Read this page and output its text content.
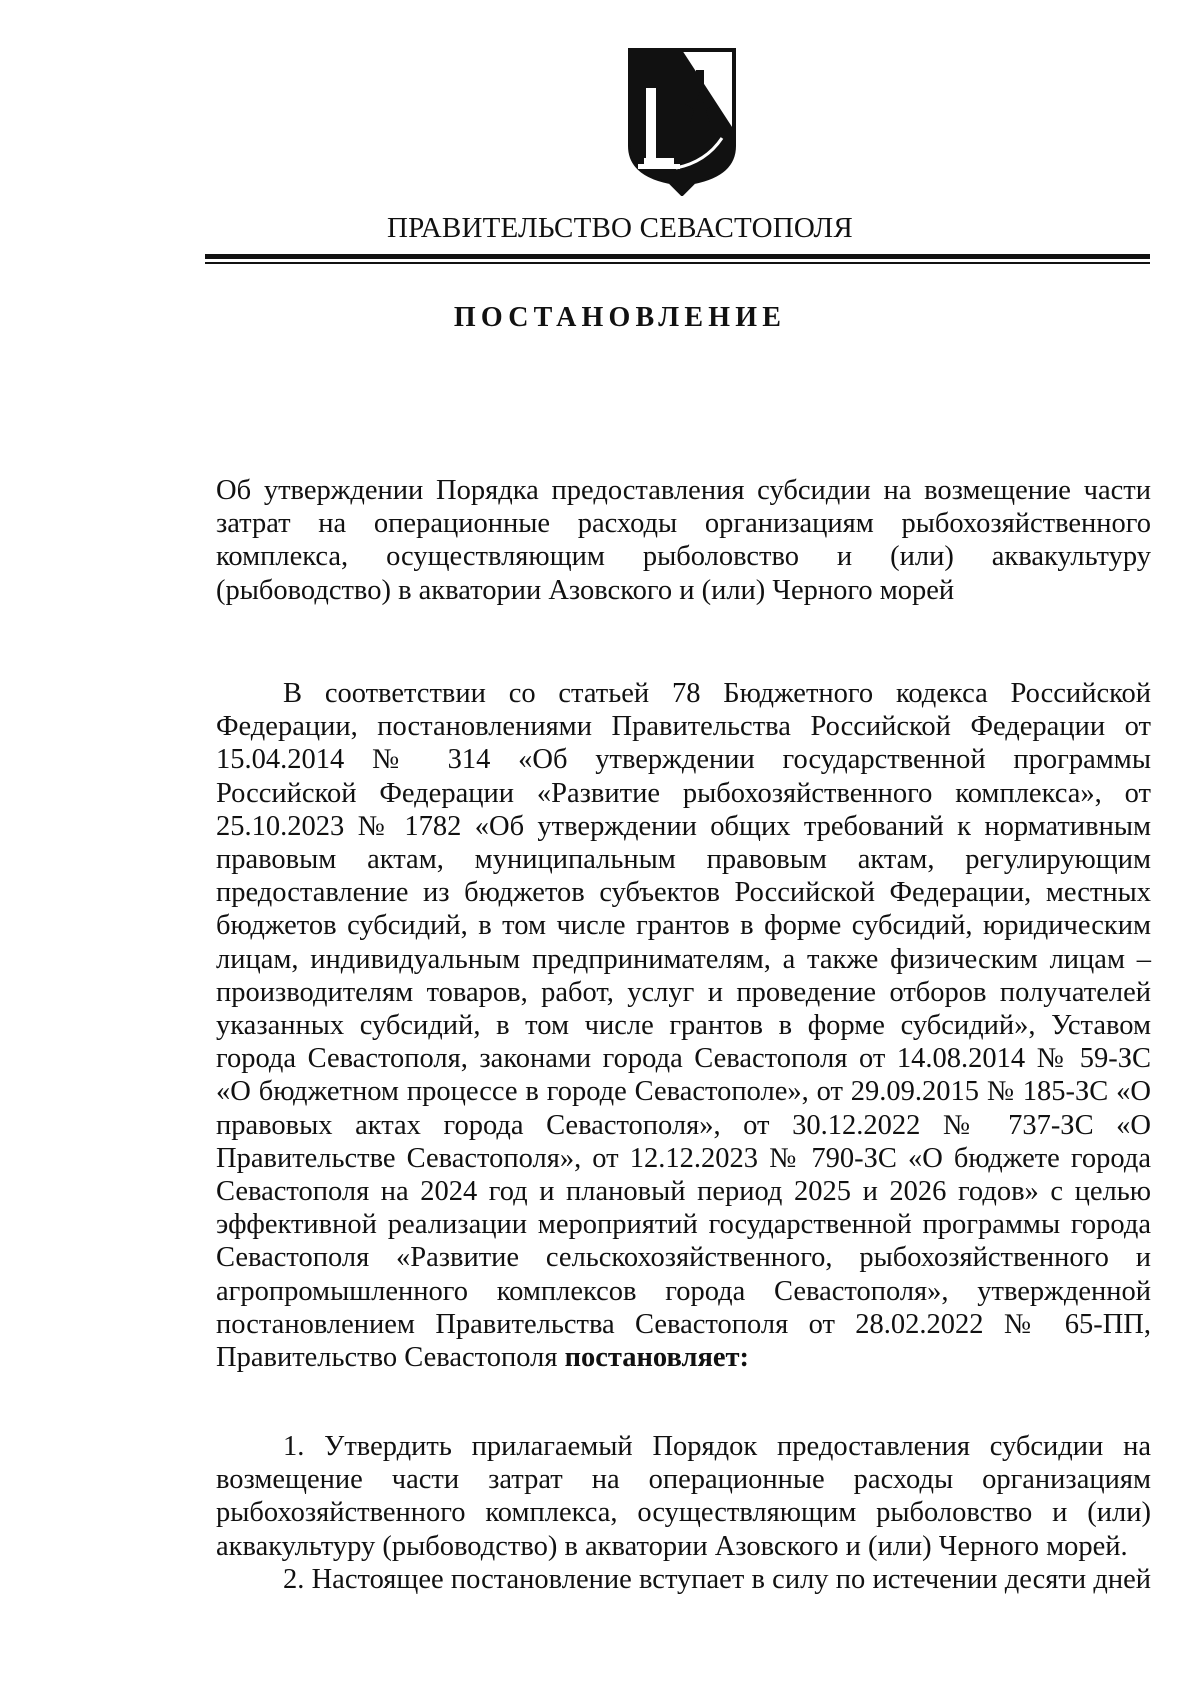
ПРАВИТЕЛЬСТВО СЕВАСТОПОЛЯ
ПОСТАНОВЛЕНИЕ
Об утверждении Порядка предоставления субсидии на возмещение части затрат на операционные расходы организациям рыбохозяйственного комплекса, осуществляющим рыболовство и (или) аквакультуру (рыбоводство) в акватории Азовского и (или) Черного морей
В соответствии со статьей 78 Бюджетного кодекса Российской Федерации, постановлениями Правительства Российской Федерации от 15.04.2014 № 314 «Об утверждении государственной программы Российской Федерации «Развитие рыбохозяйственного комплекса», от 25.10.2023 № 1782 «Об утверждении общих требований к нормативным правовым актам, муниципальным правовым актам, регулирующим предоставление из бюджетов субъектов Российской Федерации, местных бюджетов субсидий, в том числе грантов в форме субсидий, юридическим лицам, индивидуальным предпринимателям, а также физическим лицам – производителям товаров, работ, услуг и проведение отборов получателей указанных субсидий, в том числе грантов в форме субсидий», Уставом города Севастополя, законами города Севастополя от 14.08.2014 № 59-ЗС «О бюджетном процессе в городе Севастополе», от 29.09.2015 № 185-ЗС «О правовых актах города Севастополя», от 30.12.2022 № 737-ЗС «О Правительстве Севастополя», от 12.12.2023 № 790-ЗС «О бюджете города Севастополя на 2024 год и плановый период 2025 и 2026 годов» с целью эффективной реализации мероприятий государственной программы города Севастополя «Развитие сельскохозяйственного, рыбохозяйственного и агропромышленного комплексов города Севастополя», утвержденной постановлением Правительства Севастополя от 28.02.2022 № 65-ПП, Правительство Севастополя постановляет:

1. Утвердить прилагаемый Порядок предоставления субсидии на возмещение части затрат на операционные расходы организациям рыбохозяйственного комплекса, осуществляющим рыболовство и (или) аквакультуру (рыбоводство) в акватории Азовского и (или) Черного морей.

2. Настоящее постановление вступает в силу по истечении десяти дней
